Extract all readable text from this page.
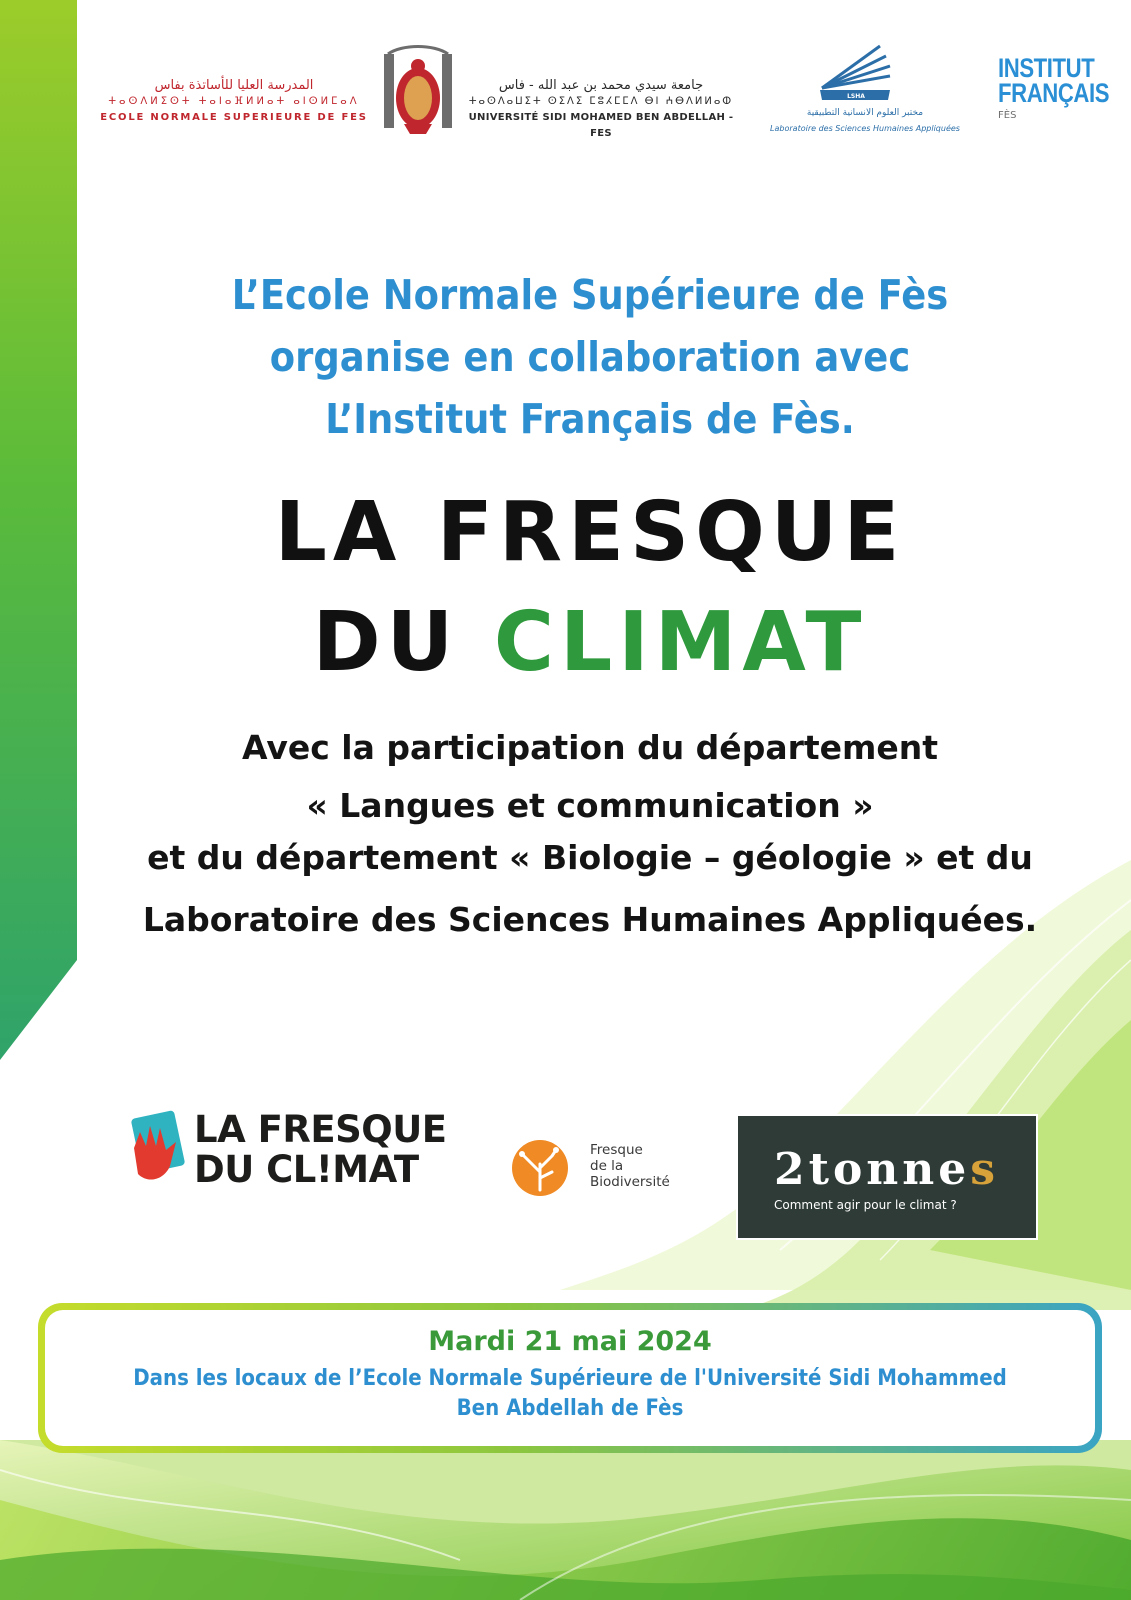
المدرسة العليا للأساتذة بفاس
ⵜⴰⵙⴷⵍⵉⵙⵜ ⵜⴰⵏⴰⴼⵍⵍⴰⵜ ⴰⵏⵙⵍⵎⴰⴷ
ECOLE NORMALE SUPERIEURE DE FES
جامعة سيدي محمد بن عبد الله - فاس
ⵜⴰⵙⴷⴰⵡⵉⵜ ⵙⵉⴷⵉ ⵎⵓⵃⵎⵎⴷ ⴱⵏ ⵄⴱⴷⵍⵍⴰⵀ
UNIVERSITÉ SIDI MOHAMED BEN ABDELLAH - FES
LSHA
مختبر العلوم الانسانية التطبيقية
Laboratoire des Sciences Humaines Appliquées
INSTITUT
FRANÇAIS
FÈS
L’Ecole Normale Supérieure de Fès
organise en collaboration avec
L’Institut Français de Fès.
LA FRESQUE
DU CLIMAT
Avec la participation du département
« Langues et communication »
et du département « Biologie – géologie » et du
Laboratoire des Sciences Humaines Appliquées.
LA FRESQUE
DU CL!MAT	Fresque
de la
Biodiversité 2tonnes
Comment agir pour le climat ?
Mardi 21 mai 2024
Dans les locaux de l’Ecole Normale Supérieure de l'Université Sidi Mohammed
Ben Abdellah de Fès
